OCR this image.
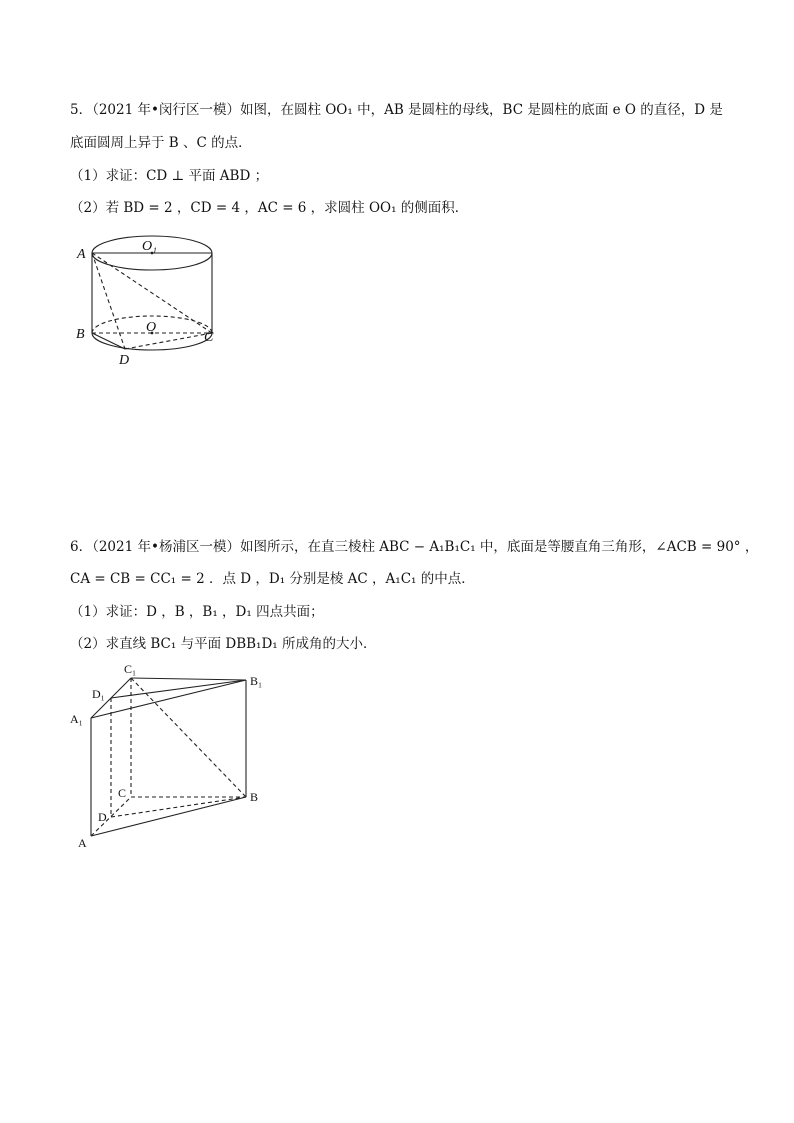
5．（2021 年•闵行区一模）如图，在圆柱 OO₁ 中，AB 是圆柱的母线，BC 是圆柱的底面 e O 的直径，D 是
底面圆周上异于 B 、C 的点．
（1）求证：CD ⊥ 平面 ABD ；
（2）若 BD = 2 ，CD = 4 ，AC = 6 ，求圆柱 OO₁ 的侧面积．
A
B	C
D
O
O₁
6．（2021 年•杨浦区一模）如图所示，在直三棱柱 ABC − A₁B₁C₁ 中，底面是等腰直角三角形，∠ACB = 90° ，
CA = CB = CC₁ = 2 ．点 D ，D₁ 分别是棱 AC ，A₁C₁ 的中点．
（1）求证：D ，B ，B₁ ，D₁ 四点共面；
（2）求直线 BC₁ 与平面 DBB₁D₁ 所成角的大小．
C₁
D₁
A₁
B₁
C
D
B
A
